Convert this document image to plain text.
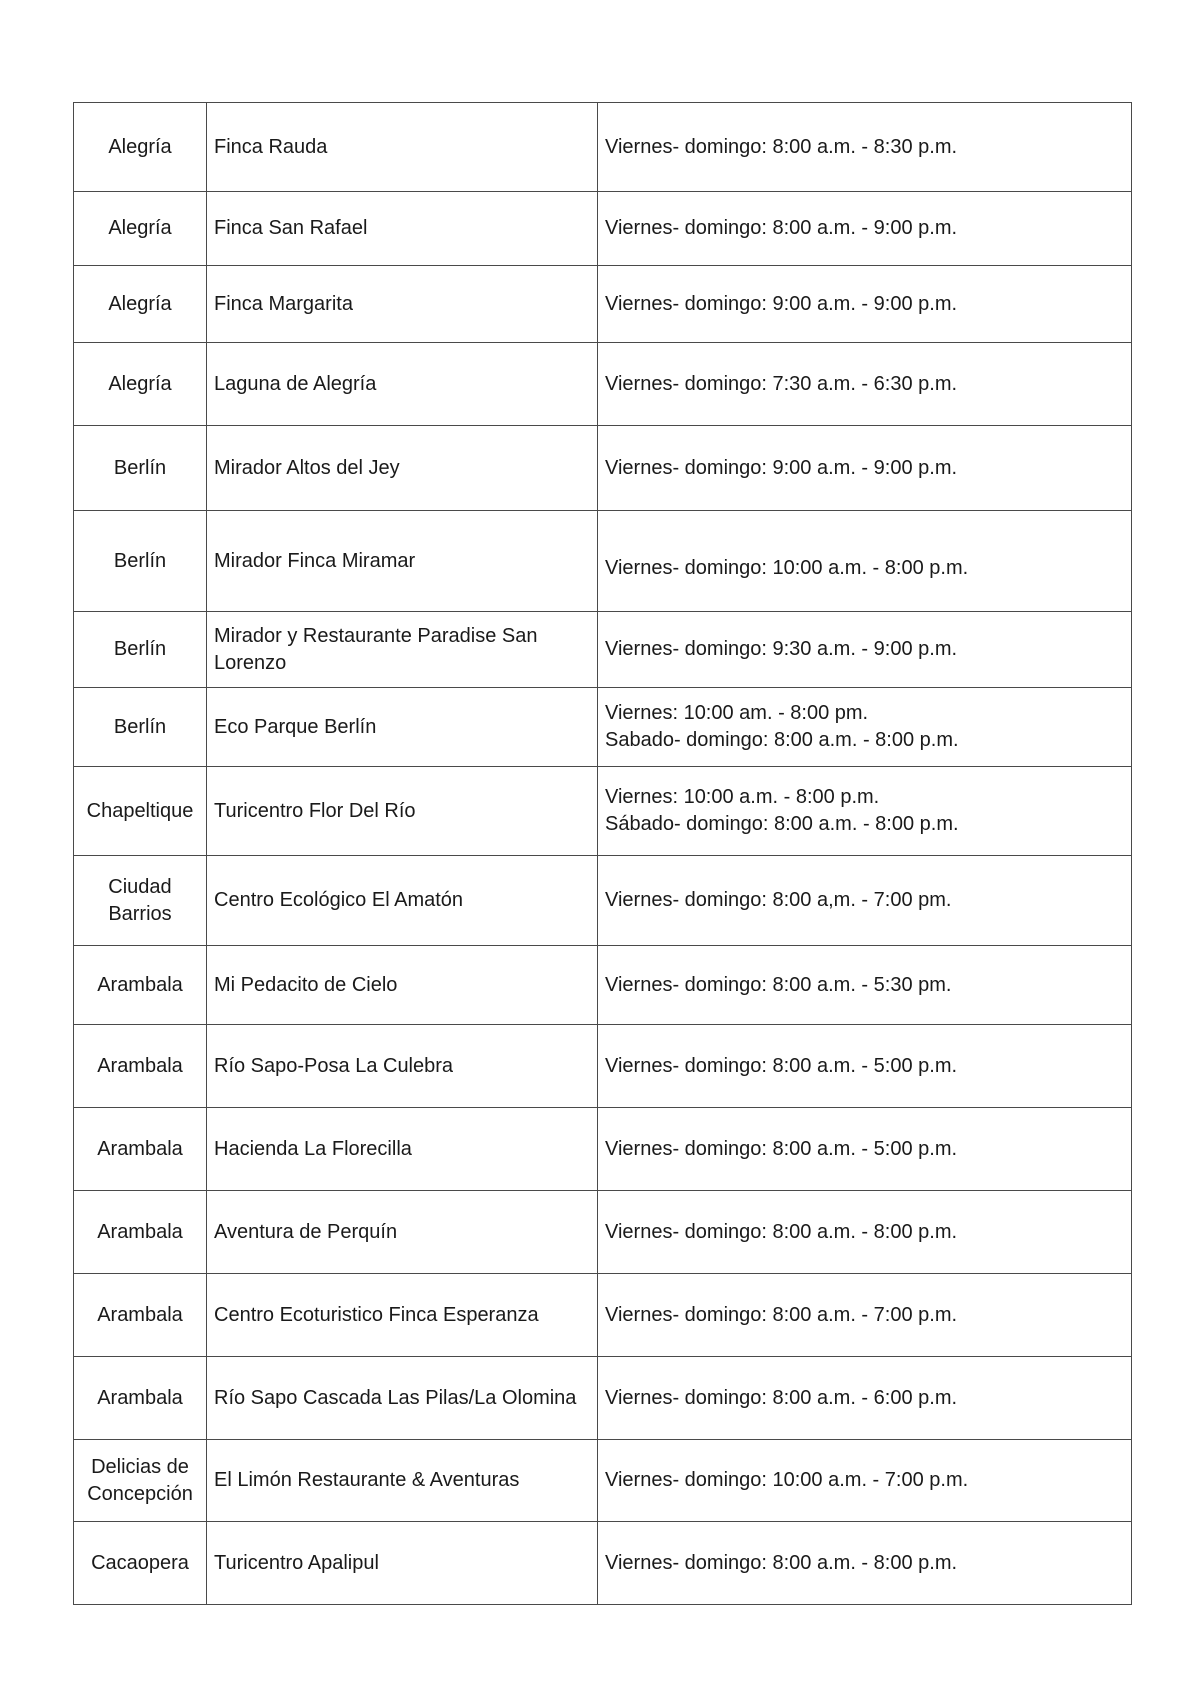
Alegría	Finca Rauda	Viernes- domingo: 8:00 a.m. - 8:30 p.m.
Alegría	Finca San Rafael	Viernes- domingo: 8:00 a.m. - 9:00 p.m.
Alegría	Finca Margarita	Viernes- domingo: 9:00 a.m. - 9:00 p.m.
Alegría	Laguna de Alegría	Viernes- domingo: 7:30 a.m. - 6:30 p.m.
Berlín	Mirador Altos del Jey	Viernes- domingo: 9:00 a.m. - 9:00 p.m.
Berlín	Mirador Finca Miramar	Viernes- domingo: 10:00 a.m. - 8:00 p.m.
Berlín	Mirador y Restaurante Paradise San Lorenzo	Viernes- domingo: 9:30 a.m. - 9:00 p.m.
Berlín	Eco Parque Berlín	Viernes: 10:00 am. - 8:00 pm.
Sabado- domingo: 8:00 a.m. - 8:00 p.m.
Chapeltique	Turicentro Flor Del Río	Viernes: 10:00 a.m. - 8:00 p.m.
Sábado- domingo: 8:00 a.m. - 8:00 p.m.
Ciudad Barrios	Centro Ecológico El Amatón	Viernes- domingo: 8:00 a,m. - 7:00 pm.
Arambala	Mi Pedacito de Cielo	Viernes- domingo: 8:00 a.m. - 5:30 pm.
Arambala	Río Sapo-Posa La Culebra	Viernes- domingo: 8:00 a.m. - 5:00 p.m.
Arambala	Hacienda La Florecilla	Viernes- domingo: 8:00 a.m. - 5:00 p.m.
Arambala	Aventura de Perquín	Viernes- domingo: 8:00 a.m. - 8:00 p.m.
Arambala	Centro Ecoturistico Finca Esperanza	Viernes- domingo: 8:00 a.m. - 7:00 p.m.
Arambala	Río Sapo Cascada Las Pilas/La Olomina	Viernes- domingo: 8:00 a.m. - 6:00 p.m.
Delicias de Concepción	El Limón Restaurante & Aventuras	Viernes- domingo: 10:00 a.m. - 7:00 p.m.
Cacaopera	Turicentro Apalipul	Viernes- domingo: 8:00 a.m. - 8:00 p.m.
